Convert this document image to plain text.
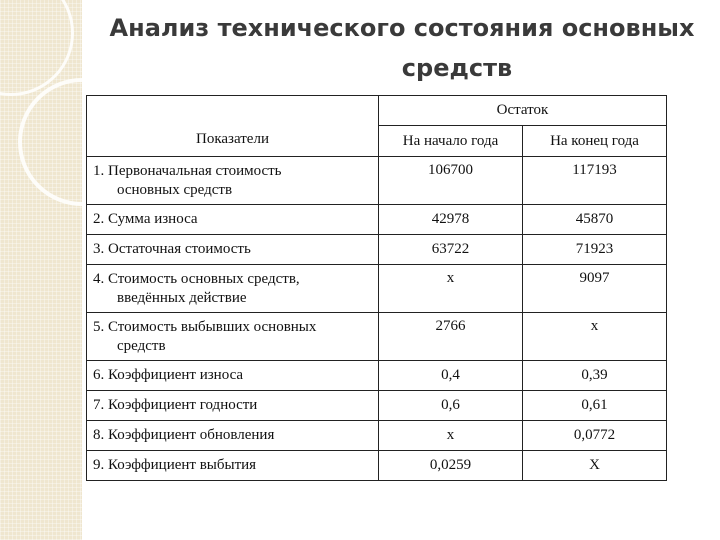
Анализ технического состояния основных
средств
Показатели	Остаток	
	На начало года	На конец года
1. Первоначальная стоимость
основных средств	106700	117193
2. Сумма износа	42978	45870
3. Остаточная стоимость	63722	71923
4. Стоимость основных средств,
введённых действие	х	9097
5. Стоимость выбывших основных
средств	2766	х
6. Коэффициент износа	0,4	0,39
7. Коэффициент годности	0,6	0,61
8. Коэффициент обновления	х	0,0772
9. Коэффициент выбытия	0,0259	Х
